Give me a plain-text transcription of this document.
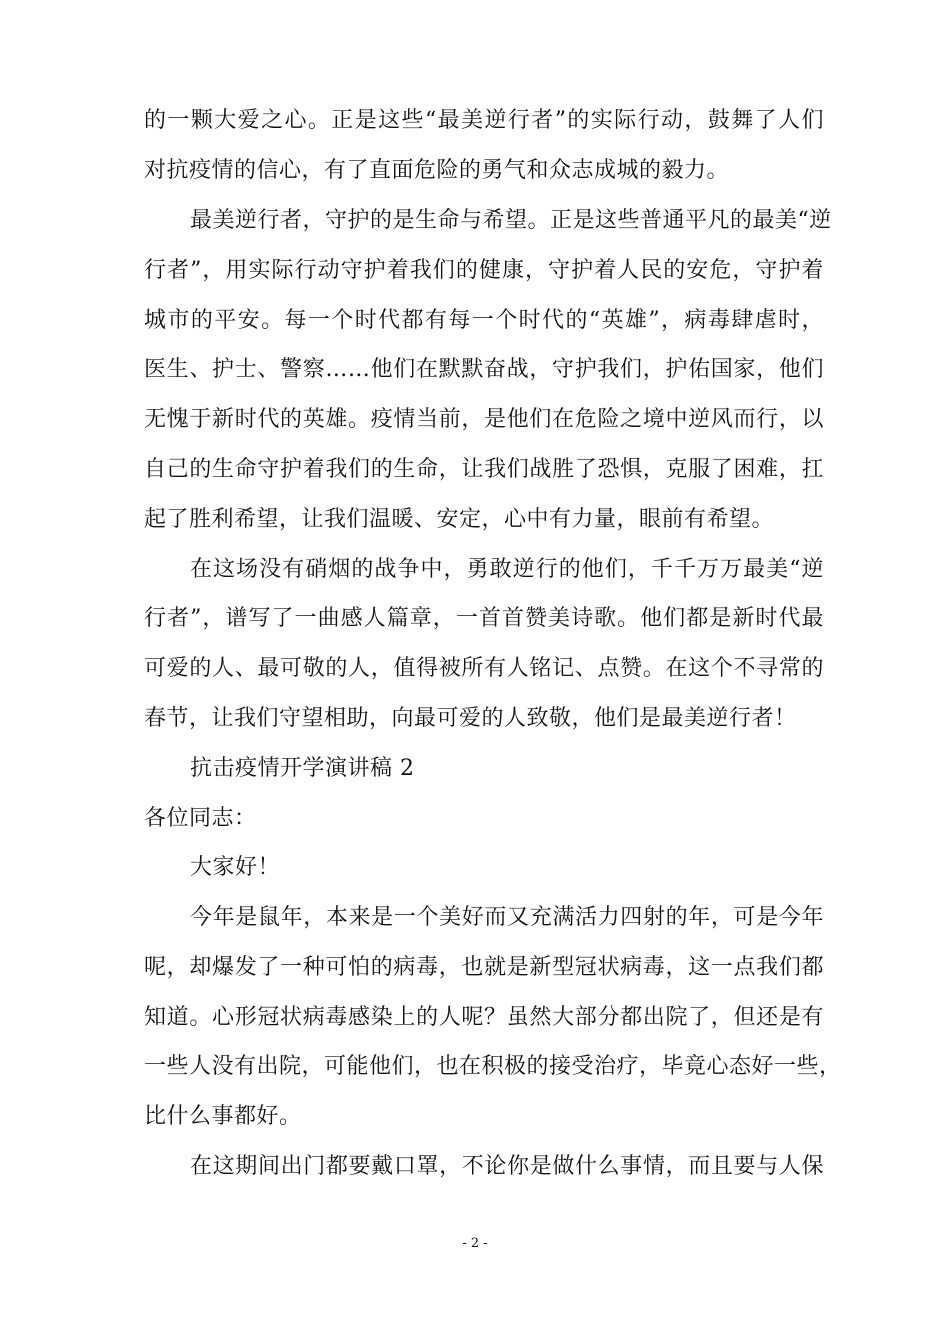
的一颗大爱之心。正是这些“最美逆行者”的实际行动，鼓舞了人们
对抗疫情的信心，有了直面危险的勇气和众志成城的毅力。
最美逆行者，守护的是生命与希望。正是这些普通平凡的最美“逆
行者”，用实际行动守护着我们的健康，守护着人民的安危，守护着
城市的平安。每一个时代都有每一个时代的“英雄”，病毒肆虐时，
医生、护士、警察……他们在默默奋战，守护我们，护佑国家，他们
无愧于新时代的英雄。疫情当前，是他们在危险之境中逆风而行，以
自己的生命守护着我们的生命，让我们战胜了恐惧，克服了困难，扛
起了胜利希望，让我们温暖、安定，心中有力量，眼前有希望。
在这场没有硝烟的战争中，勇敢逆行的他们，千千万万最美“逆
行者”，谱写了一曲感人篇章，一首首赞美诗歌。他们都是新时代最
可爱的人、最可敬的人，值得被所有人铭记、点赞。在这个不寻常的
春节，让我们守望相助，向最可爱的人致敬，他们是最美逆行者！
抗击疫情开学演讲稿 2
各位同志：
大家好！
今年是鼠年，本来是一个美好而又充满活力四射的年，可是今年
呢，却爆发了一种可怕的病毒，也就是新型冠状病毒，这一点我们都
知道。心形冠状病毒感染上的人呢？虽然大部分都出院了，但还是有
一些人没有出院，可能他们，也在积极的接受治疗，毕竟心态好一些，
比什么事都好。
在这期间出门都要戴口罩，不论你是做什么事情，而且要与人保
- 2 -
